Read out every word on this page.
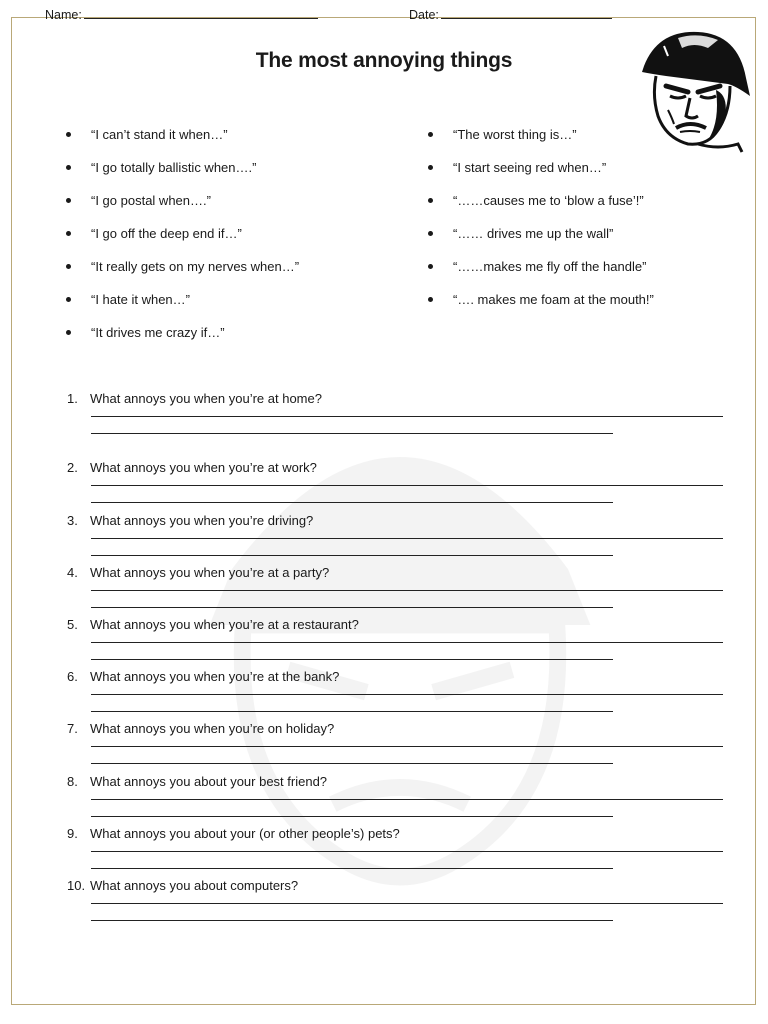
Name:	Date:
The most annoying things
“I can’t stand it when…”
“I go totally ballistic when….”
“I go postal when….”
“I go off the deep end if…”
“It really gets on my nerves when…”
“I hate it when…”
“It drives me crazy if…”
“The worst thing is…”
“I start seeing red when…”
“……causes me to ‘blow a fuse’!”
“…… drives me up the wall”
“……makes me fly off the handle”
“…. makes me foam at the mouth!”
1. What annoys you when you’re at home?
2. What annoys you when you’re at work?
3. What annoys you when you’re driving?
4. What annoys you when you’re at a party?
5. What annoys you when you’re at a restaurant?
6. What annoys you when you’re at the bank?
7. What annoys you when you’re on holiday?
8. What annoys you about your best friend?
9. What annoys you about your (or other people’s) pets?
10. What annoys you about computers?
